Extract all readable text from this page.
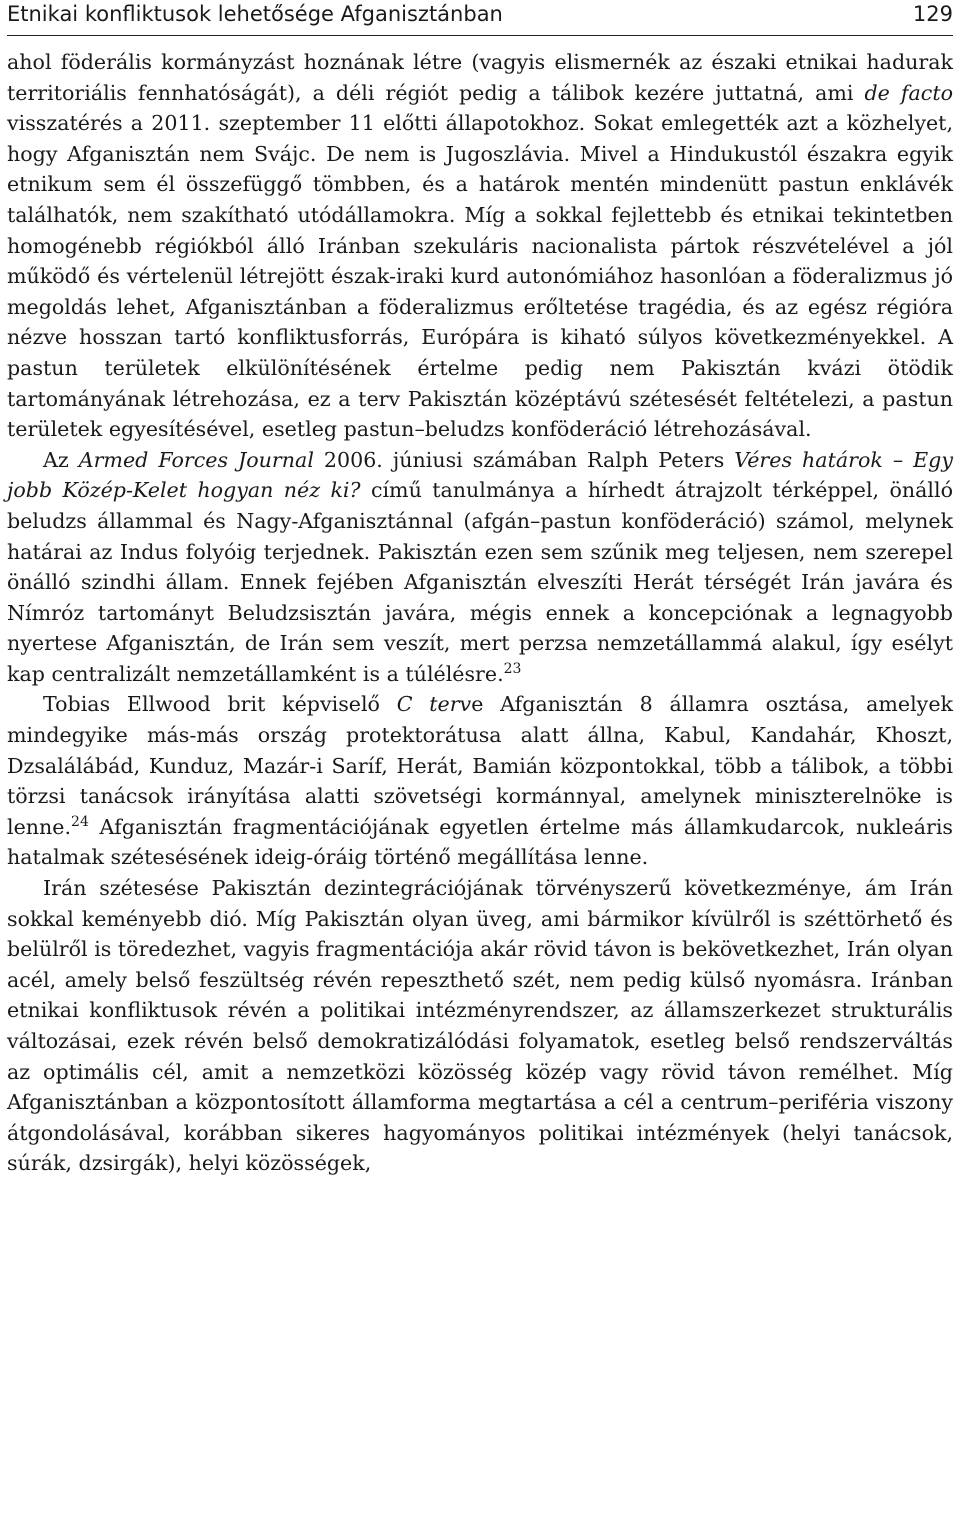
Etnikai konfliktusok lehetősége Afganisztánban	129

ahol föderális kormányzást hoznának létre (vagyis elismernék az északi etnikai hadurak territoriális fennhatóságát), a déli régiót pedig a tálibok kezére juttatná, ami de facto visszatérés a 2011. szeptember 11 előtti állapotokhoz. Sokat emlegették azt a közhelyet, hogy Afganisztán nem Svájc. De nem is Jugoszlávia. Mivel a Hindukustól északra egyik etnikum sem él összefüggő tömbben, és a határok mentén mindenütt pastun enklávék találhatók, nem szakítható utódállamokra. Míg a sokkal fejlettebb és etnikai tekintetben homogénebb régiókból álló Iránban szekuláris nacionalista pártok részvételével a jól működő és vértelenül létrejött észak-iraki kurd autonómiához hasonlóan a föderalizmus jó megoldás lehet, Afganisztánban a föderalizmus erőltetése tragédia, és az egész régióra nézve hosszan tartó konfliktusforrás, Európára is kiható súlyos következményekkel. A pastun területek elkülönítésének értelme pedig nem Pakisztán kvázi ötödik tartományának létrehozása, ez a terv Pakisztán középtávú szétesését feltételezi, a pastun területek egyesítésével, esetleg pastun–beludzs konföderáció létrehozásával.

Az Armed Forces Journal 2006. júniusi számában Ralph Peters Véres határok – Egy jobb Közép-Kelet hogyan néz ki? című tanulmánya a hírhedt átrajzolt térképpel, önálló beludzs állammal és Nagy-Afganisztánnal (afgán–pastun konföderáció) számol, melynek határai az Indus folyóig terjednek. Pakisztán ezen sem szűnik meg teljesen, nem szerepel önálló szindhi állam. Ennek fejében Afganisztán elveszíti Herát térségét Irán javára és Nímróz tartományt Beludzsisztán javára, mégis ennek a koncepciónak a legnagyobb nyertese Afganisztán, de Irán sem veszít, mert perzsa nemzetállammá alakul, így esélyt kap centralizált nemzetállamként is a túlélésre.$^{23}$

Tobias Ellwood brit képviselő C terve Afganisztán 8 államra osztása, amelyek mindegyike más-más ország protektorátusa alatt állna, Kabul, Kandahár, Khoszt, Dzsalálábád, Kunduz, Mazár-i Saríf, Herát, Bamián központokkal, több a tálibok, a többi törzsi tanácsok irányítása alatti szövetségi kormánnyal, amelynek miniszterelnöke is lenne.$^{24}$ Afganisztán fragmentációjának egyetlen értelme más államkudarcok, nukleáris hatalmak szétesésének ideig-óráig történő megállítása lenne.

Irán szétesése Pakisztán dezintegrációjának törvényszerű következménye, ám Irán sokkal keményebb dió. Míg Pakisztán olyan üveg, ami bármikor kívülről is széttörhető és belülről is töredezhet, vagyis fragmentációja akár rövid távon is bekövetkezhet, Irán olyan acél, amely belső feszültség révén repeszthető szét, nem pedig külső nyomásra. Iránban etnikai konfliktusok révén a politikai intézményrendszer, az államszerkezet strukturális változásai, ezek révén belső demokratizálódási folyamatok, esetleg belső rendszerváltás az optimális cél, amit a nemzetközi közösség közép vagy rövid távon remélhet. Míg Afganisztánban a központosított államforma megtartása a cél a centrum–periféria viszony átgondolásával, korábban sikeres hagyományos politikai intézmények (helyi tanácsok, súrák, dzsirgák), helyi közösségek,
